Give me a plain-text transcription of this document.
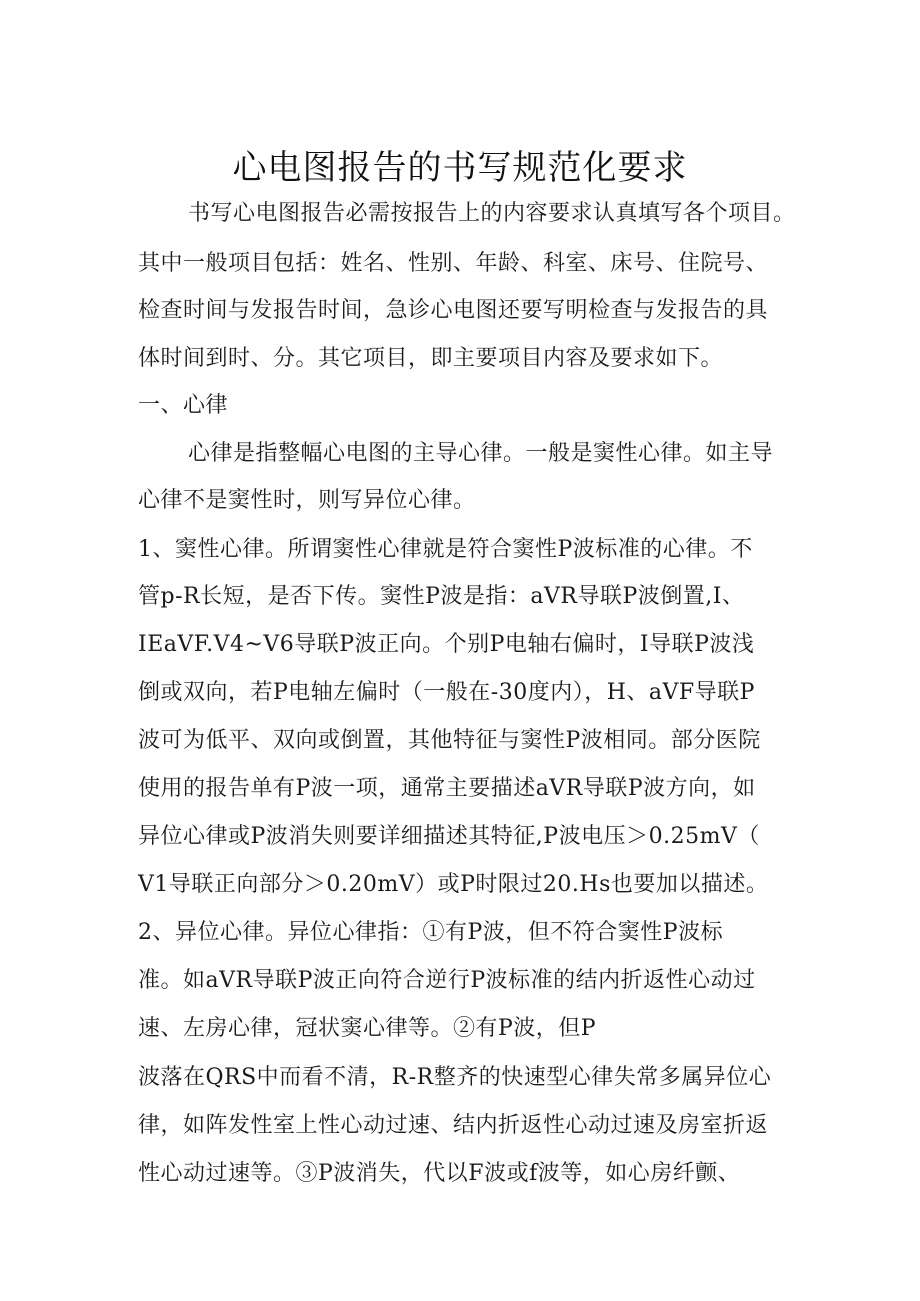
心电图报告的书写规范化要求
书写心电图报告必需按报告上的内容要求认真填写各个项目。
其中一般项目包括：姓名、性别、年龄、科室、床号、住院号、
检查时间与发报告时间，急诊心电图还要写明检查与发报告的具
体时间到时、分。其它项目，即主要项目内容及要求如下。
一、心律
心律是指整幅心电图的主导心律。一般是窦性心律。如主导
心律不是窦性时，则写异位心律。
1、窦性心律。所谓窦性心律就是符合窦性P波标准的心律。不
管p-R长短，是否下传。窦性P波是指：aVR导联P波倒置,I、
IEaVF.V4~V6导联P波正向。个别P电轴右偏时，I导联P波浅
倒或双向，若P电轴左偏时（一般在-30度内），H、aVF导联P
波可为低平、双向或倒置，其他特征与窦性P波相同。部分医院
使用的报告单有P波一项，通常主要描述aVR导联P波方向，如
异位心律或P波消失则要详细描述其特征,P波电压＞0.25mV（
V1导联正向部分＞0.20mV）或P时限过20.Hs也要加以描述。
2、异位心律。异位心律指：①有P波，但不符合窦性P波标
准。如aVR导联P波正向符合逆行P波标准的结内折返性心动过
速、左房心律，冠状窦心律等。②有P波，但P
波落在QRS中而看不清，R-R整齐的快速型心律失常多属异位心
律，如阵发性室上性心动过速、结内折返性心动过速及房室折返
性心动过速等。③P波消失，代以F波或f波等，如心房纤颤、
